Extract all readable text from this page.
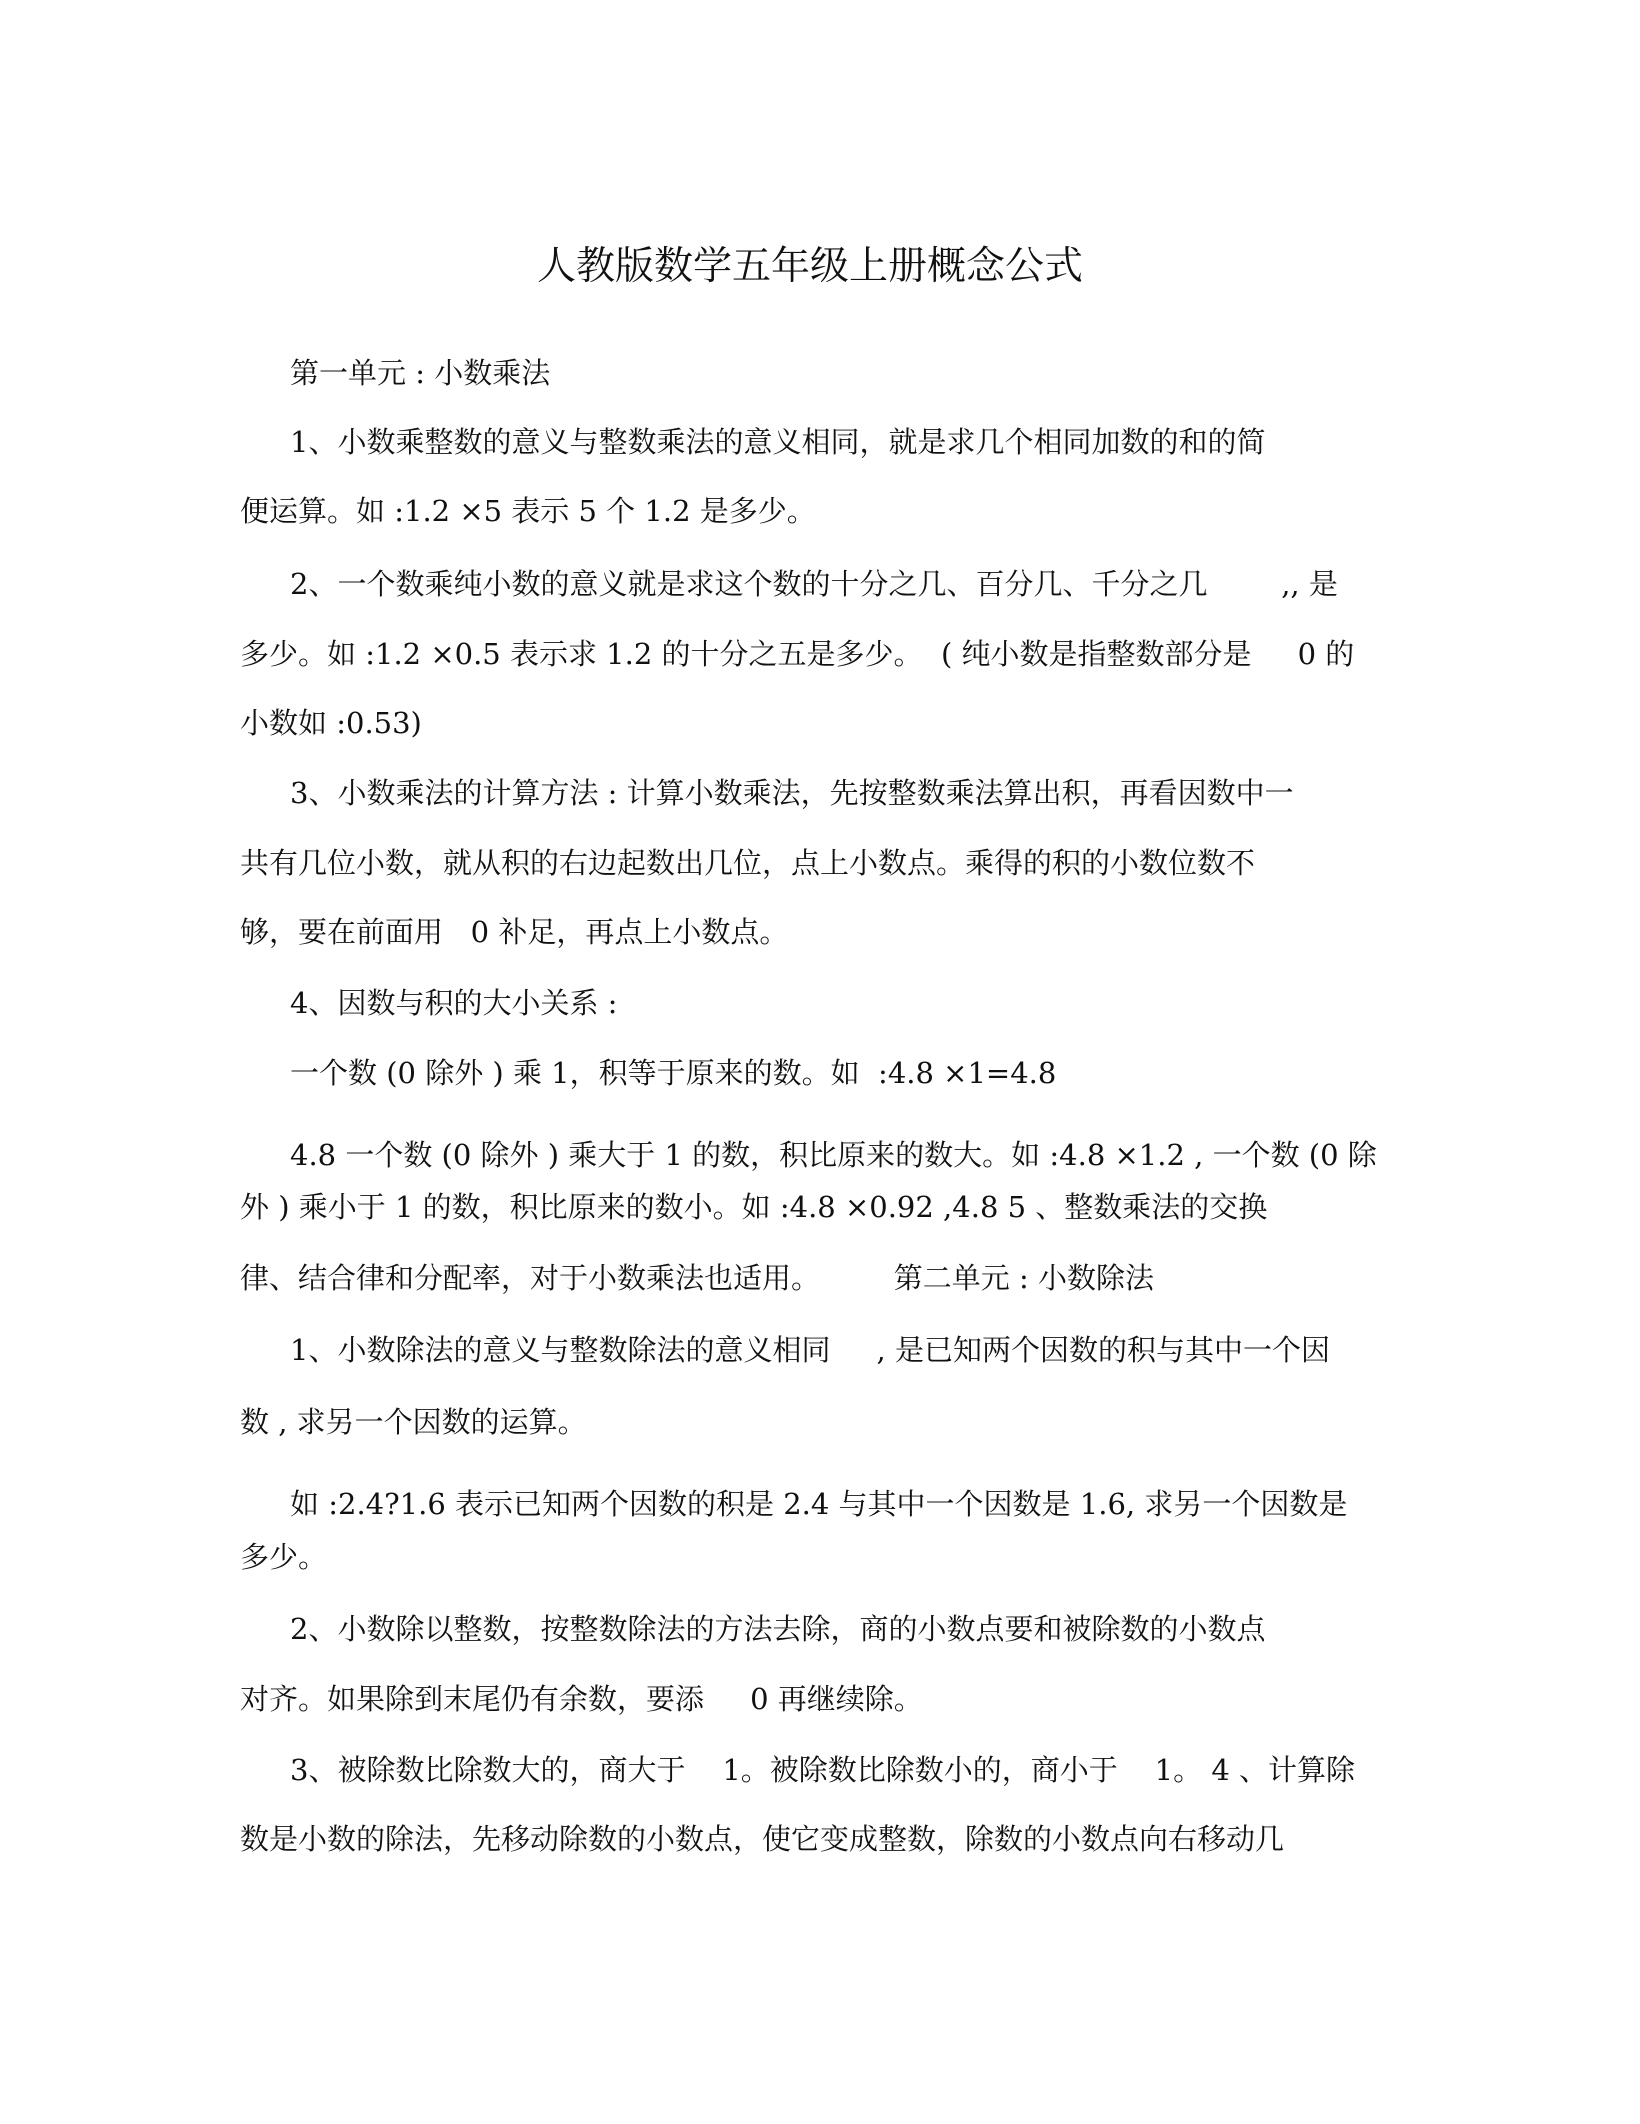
人教版数学五年级上册概念公式
第一单元 : 小数乘法
1、小数乘整数的意义与整数乘法的意义相同，就是求几个相同加数的和的简
便运算。如 :1.2 ×5 表示 5 个 1.2 是多少。
2、一个数乘纯小数的意义就是求这个数的十分之几、百分几、千分之几        ,, 是
多少。如 :1.2 ×0.5 表示求 1.2 的十分之五是多少。  ( 纯小数是指整数部分是     0 的
小数如 :0.53)
3、小数乘法的计算方法 : 计算小数乘法，先按整数乘法算出积，再看因数中一
共有几位小数，就从积的右边起数出几位，点上小数点。乘得的积的小数位数不
够，要在前面用   0 补足，再点上小数点。
4、因数与积的大小关系 :
一个数 (0 除外 ) 乘 1，积等于原来的数。如  :4.8 ×1=4.8
4.8 一个数 (0 除外 ) 乘大于 1 的数，积比原来的数大。如 :4.8 ×1.2 , 一个数 (0 除
外 ) 乘小于 1 的数，积比原来的数小。如 :4.8 ×0.92 ,4.8 5 、整数乘法的交换
律、结合律和分配率，对于小数乘法也适用。        第二单元 : 小数除法
1、小数除法的意义与整数除法的意义相同     , 是已知两个因数的积与其中一个因
数 , 求另一个因数的运算。
如 :2.4?1.6 表示已知两个因数的积是 2.4 与其中一个因数是 1.6, 求另一个因数是
多少。
2、小数除以整数，按整数除法的方法去除，商的小数点要和被除数的小数点
对齐。如果除到末尾仍有余数，要添     0 再继续除。
3、被除数比除数大的，商大于    1。被除数比除数小的，商小于    1。 4 、计算除
数是小数的除法，先移动除数的小数点，使它变成整数，除数的小数点向右移动几
